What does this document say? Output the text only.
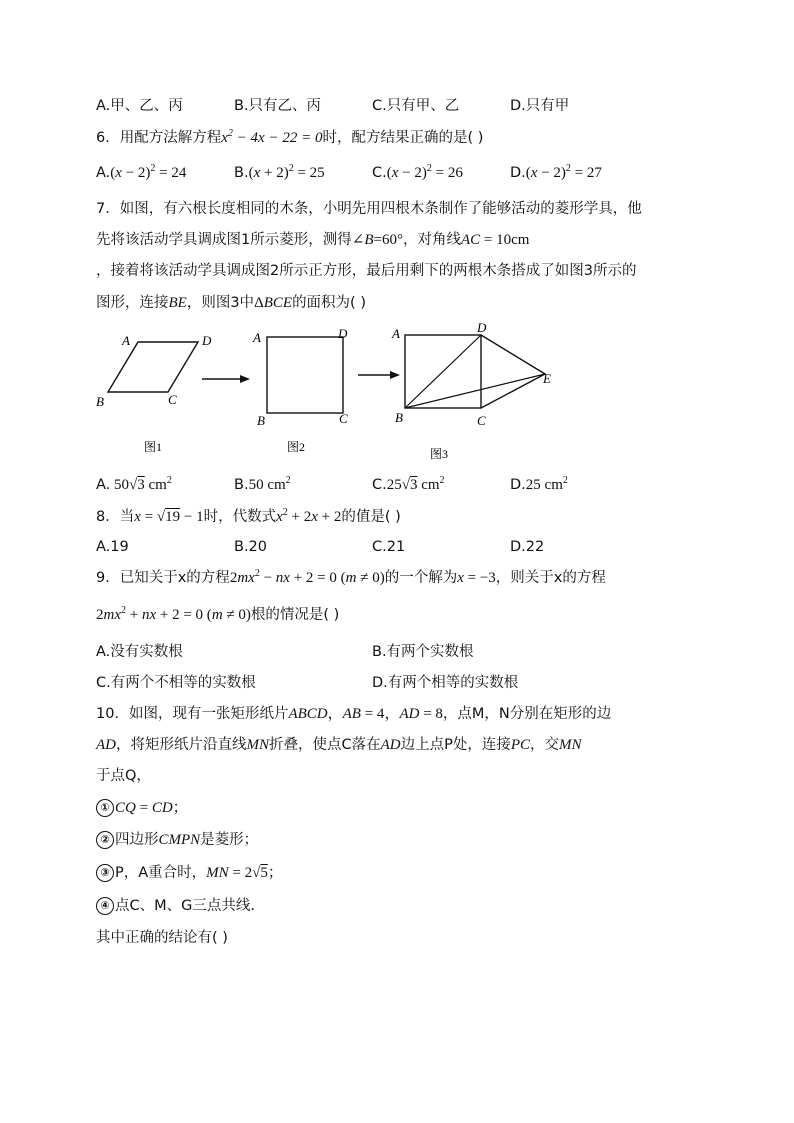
A.甲、乙、丙	B.只有乙、丙	C.只有甲、乙	D.只有甲
6．用配方法解方程$x^2 - 4x - 22 = 0$时，配方结果正确的是( )
$A.(x - 2)^2 = 24$	$B.(x + 2)^2 = 25$	$C.(x - 2)^2 = 26$	$D.(x - 2)^2 = 27$
7．如图，有六根长度相同的木条，小明先用四根木条制作了能够活动的菱形学具，他
先将该活动学具调成图1所示菱形，测得∠B=60°，对角线AC = 10cm
，接着将该活动学具调成图2所示正方形，最后用剩下的两根木条搭成了如图3所示的
图形，连接BE，则图3中ΔBCE的面积为( )
A	D
B	C
图1
A	D
B	C
图2
A	D
E
B	C
图3
A. 50√3 $cm^2$	B.50 $cm^2$	C.25√3 $cm^2$	D.25 $cm^2$
8．当x = √19 − 1时，代数式$x^2 + 2x + 2$的值是( )
A.19	B.20	C.21	D.22
9．已知关于x的方程$2mx^2$ − nx + 2 = 0 (m ≠ 0)的一个解为x = −3，则关于x的方程
$2mx^2$ + nx + 2 = 0 (m ≠ 0)根的情况是( )
A.没有实数根	B.有两个实数根
C.有两个不相等的实数根	D.有两个相等的实数根
10．如图，现有一张矩形纸片ABCD，AB = 4，AD = 8，点M，N分别在矩形的边
AD，将矩形纸片沿直线MN折叠，使点C落在AD边上点P处，连接PC，交MN
于点Q，
① CQ = CD；
② 四边形CMPN是菱形；
③ P，A重合时，MN = 2√5；
④ 点C、M、G三点共线.
其中正确的结论有( )
